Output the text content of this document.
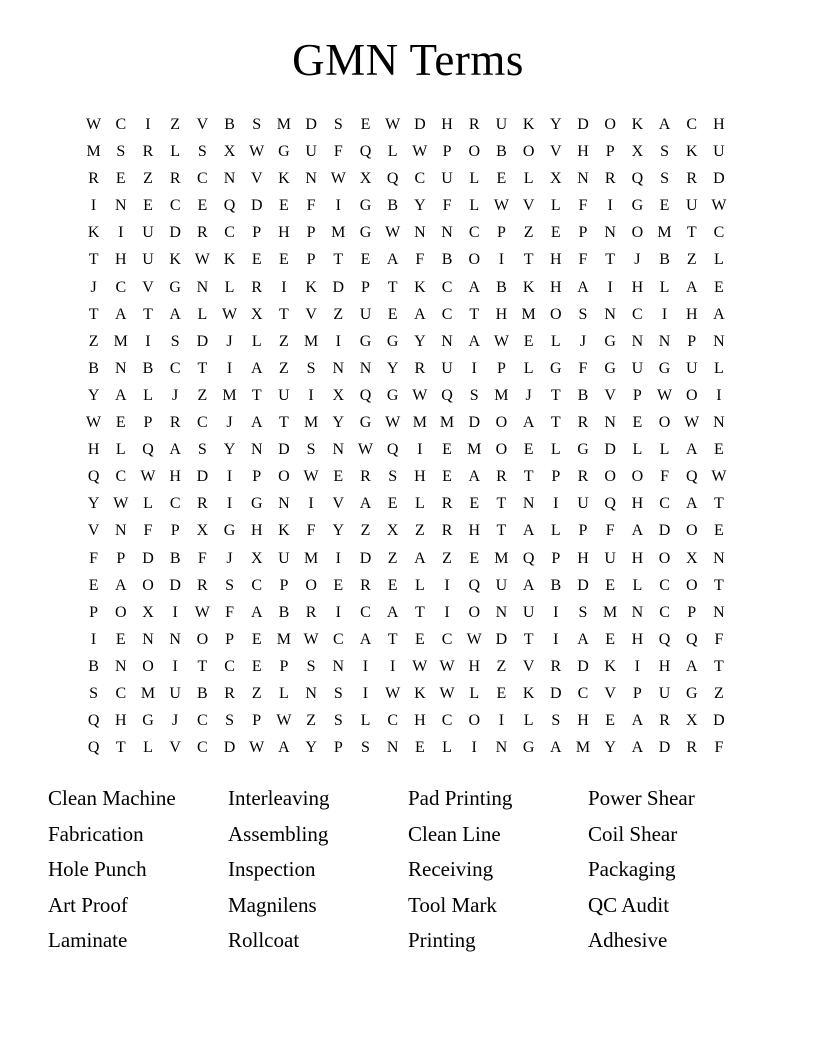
GMN Terms
W C	I	Z	V	B	S M D	S	E W D H	R	U K Y D O K A	C	H
M S	R	L	S	X W G U	F	Q	L W P	O	B	O V H	P	X	S	K U
R	E	Z	R	C	N V K N W X Q	C	U	L	E	L	X N	R	Q	S	R	D
I	N	E	C	E	Q D	E	F	I	G	B	Y	F	L W V	L	F	I	G	E	U W
K	I	U D	R	C	P	H	P M G W N N	C	P	Z	E	P	N O M T	C
T	H U K W K	E	E	P	T	E	A	F	B	O	I	T	H	F	T	J	B	Z	L
J	C	V G N	L	R	I	K D	P	T	K	C	A	B	K H A	I	H	L	A	E
T	A	T	A	L W X	T	V	Z	U	E	A	C	T	H M O	S	N	C	I	H A
Z M	I	S	D	J	L	Z M	I	G G Y N A W E	L	J	G N N	P	N
B	N	B	C	T	I	A	Z	S	N N Y	R	U	I	P	L	G	F	G U G U	L
Y A	L	J	Z M T	U	I	X Q G W Q	S M	J	T	B	V	P W O	I
W E	P	R	C	J	A	T M Y G W M M D O A	T	R	N	E	O W N
H	L	Q A	S	Y N D	S	N W Q	I	E M O	E	L	G D	L	L	A	E
Q	C W H D	I	P	O W E	R	S	H	E	A	R	T	P	R	O O	F	Q W
Y W L	C	R	I	G N	I	V A	E	L	R	E	T	N	I	U Q H	C	A	T
V N	F	P	X G H K	F	Y	Z	X	Z	R	H	T	A	L	P	F	A D O	E
F	P	D	B	F	J	X U M	I	D	Z	A	Z	E M Q	P	H U H O X N
E	A O D	R	S	C	P	O	E	R	E	L	I	Q U A	B	D	E	L	C	O	T
P	O X	I	W F	A	B	R	I	C	A	T	I	O N U	I	S M N	C	P	N
I	E	N N O	P	E M W C	A	T	E	C W D	T	I	A	E	H Q Q	F
B	N O	I	T	C	E	P	S	N	I	I	W W H	Z	V	R	D K	I	H A	T
S	C M U	B	R	Z	L	N	S	I	W K W L	E	K D	C	V	P	U G	Z
Q H G	J	C	S	P W Z	S	L	C	H	C	O	I	L	S	H	E	A	R	X D
Q	T	L	V	C	D W A Y	P	S	N	E	L	I	N G A M Y A D	R	F
Clean Machine
Fabrication
Hole Punch
Art Proof
Laminate
Interleaving
Assembling
Inspection
Magnilens
Rollcoat
Pad Printing
Clean Line
Receiving
Tool Mark
Printing
Power Shear
Coil Shear
Packaging
QC Audit
Adhesive
